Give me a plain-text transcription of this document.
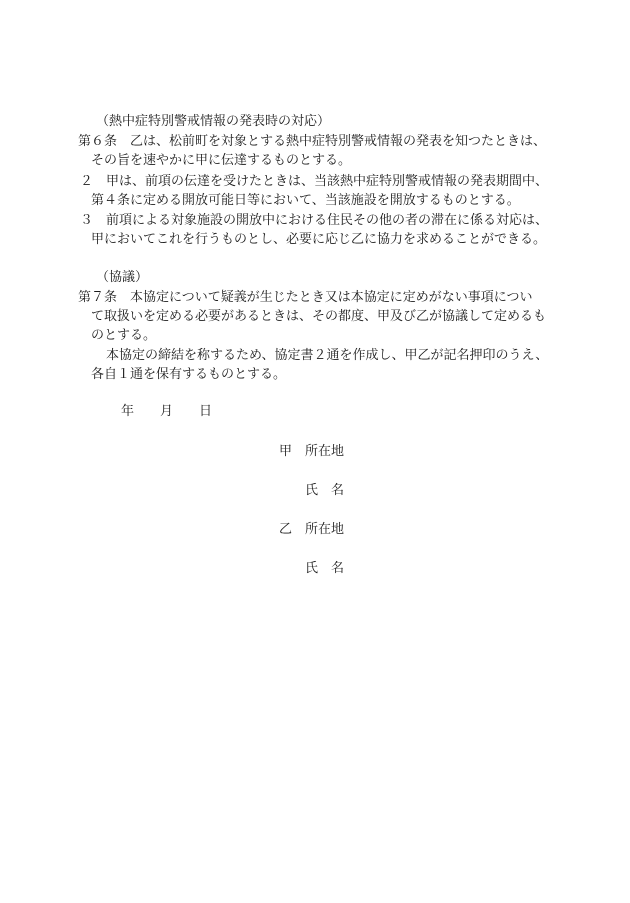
（熱中症特別警戒情報の発表時の対応）
第６条　乙は、松前町を対象とする熱中症特別警戒情報の発表を知つたときは、
その旨を速やかに甲に伝達するものとする。
２　甲は、前項の伝達を受けたときは、当該熱中症特別警戒情報の発表期間中、
第４条に定める開放可能日等において、当該施設を開放するものとする。
３　前項による対象施設の開放中における住民その他の者の滞在に係る対応は、
甲においてこれを行うものとし、必要に応じ乙に協力を求めることができる。
（協議）
第７条　本協定について疑義が生じたとき又は本協定に定めがない事項につい
て取扱いを定める必要があるときは、その都度、甲及び乙が協議して定めるも
のとする。
本協定の締結を称するため、協定書２通を作成し、甲乙が記名押印のうえ、
各自１通を保有するものとする。
年 月 日
甲 所在地
氏　名
乙 所在地
氏　名
